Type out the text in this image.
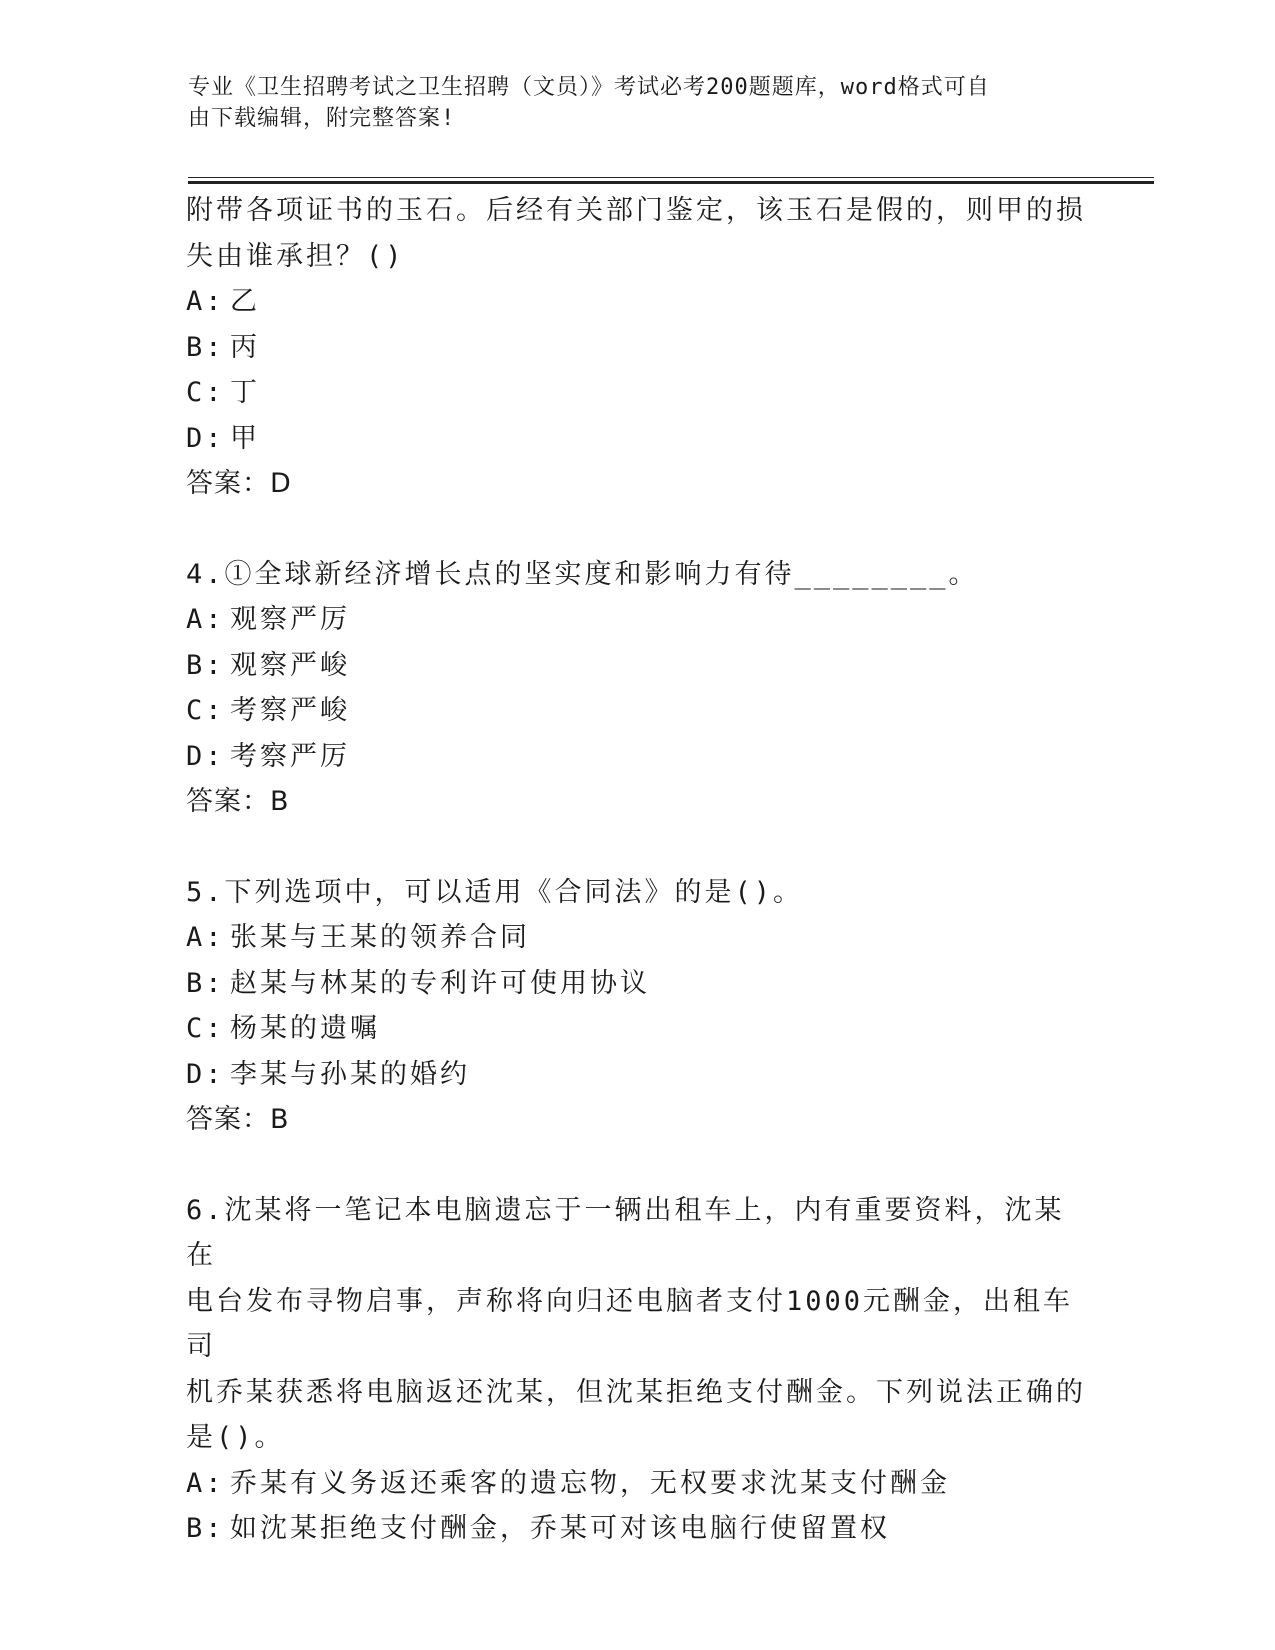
专业《卫生招聘考试之卫生招聘（文员）》考试必考200题题库，word格式可自
由下载编辑，附完整答案!

附带各项证书的玉石。后经有关部门鉴定，该玉石是假的，则甲的损

失由谁承担？()

A: 乙

B: 丙

C: 丁

D: 甲

答案：D

4.①全球新经济增长点的坚实度和影响力有待________。

A: 观察严厉

B: 观察严峻

C: 考察严峻

D: 考察严厉

答案：B

5.下列选项中，可以适用《合同法》的是()。

A: 张某与王某的领养合同

B: 赵某与林某的专利许可使用协议

C: 杨某的遗嘱

D: 李某与孙某的婚约

答案：B

6.沈某将一笔记本电脑遗忘于一辆出租车上，内有重要资料，沈某在

电台发布寻物启事，声称将向归还电脑者支付1000元酬金，出租车司

机乔某获悉将电脑返还沈某，但沈某拒绝支付酬金。下列说法正确的

是()。

A: 乔某有义务返还乘客的遗忘物，无权要求沈某支付酬金

B: 如沈某拒绝支付酬金，乔某可对该电脑行使留置权
